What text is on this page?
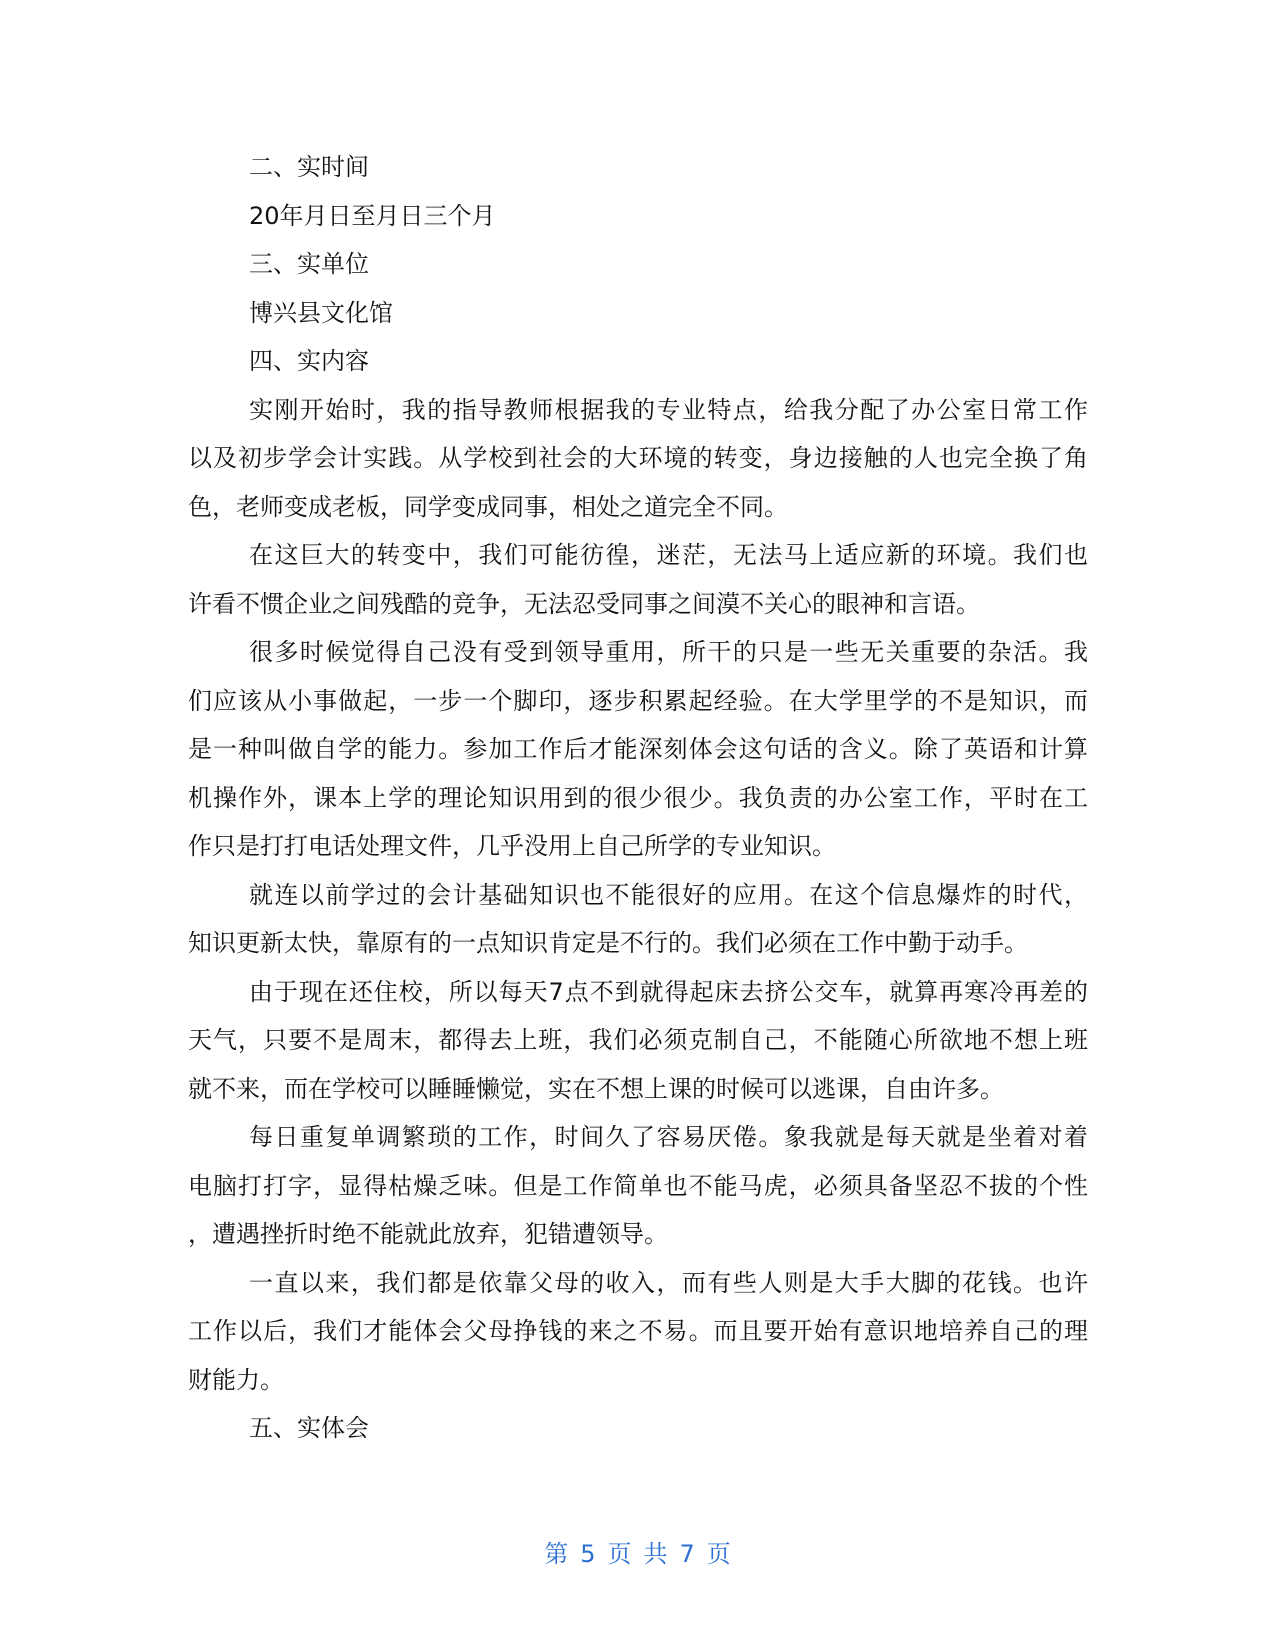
二、实时间
20年月日至月日三个月
三、实单位
博兴县文化馆
四、实内容
实刚开始时，我的指导教师根据我的专业特点，给我分配了办公室日常工作
以及初步学会计实践。从学校到社会的大环境的转变，身边接触的人也完全换了角
色，老师变成老板，同学变成同事，相处之道完全不同。
在这巨大的转变中，我们可能彷徨，迷茫，无法马上适应新的环境。我们也
许看不惯企业之间残酷的竞争，无法忍受同事之间漠不关心的眼神和言语。
很多时候觉得自己没有受到领导重用，所干的只是一些无关重要的杂活。我
们应该从小事做起，一步一个脚印，逐步积累起经验。在大学里学的不是知识，而
是一种叫做自学的能力。参加工作后才能深刻体会这句话的含义。除了英语和计算
机操作外，课本上学的理论知识用到的很少很少。我负责的办公室工作，平时在工
作只是打打电话处理文件，几乎没用上自己所学的专业知识。
就连以前学过的会计基础知识也不能很好的应用。在这个信息爆炸的时代，
知识更新太快，靠原有的一点知识肯定是不行的。我们必须在工作中勤于动手。
由于现在还住校，所以每天7点不到就得起床去挤公交车，就算再寒冷再差的
天气，只要不是周末，都得去上班，我们必须克制自己，不能随心所欲地不想上班
就不来，而在学校可以睡睡懒觉，实在不想上课的时候可以逃课，自由许多。
每日重复单调繁琐的工作，时间久了容易厌倦。象我就是每天就是坐着对着
电脑打打字，显得枯燥乏味。但是工作简单也不能马虎，必须具备坚忍不拔的个性
，遭遇挫折时绝不能就此放弃，犯错遭领导。
一直以来，我们都是依靠父母的收入，而有些人则是大手大脚的花钱。也许
工作以后，我们才能体会父母挣钱的来之不易。而且要开始有意识地培养自己的理
财能力。
五、实体会
第 5 页 共 7 页
